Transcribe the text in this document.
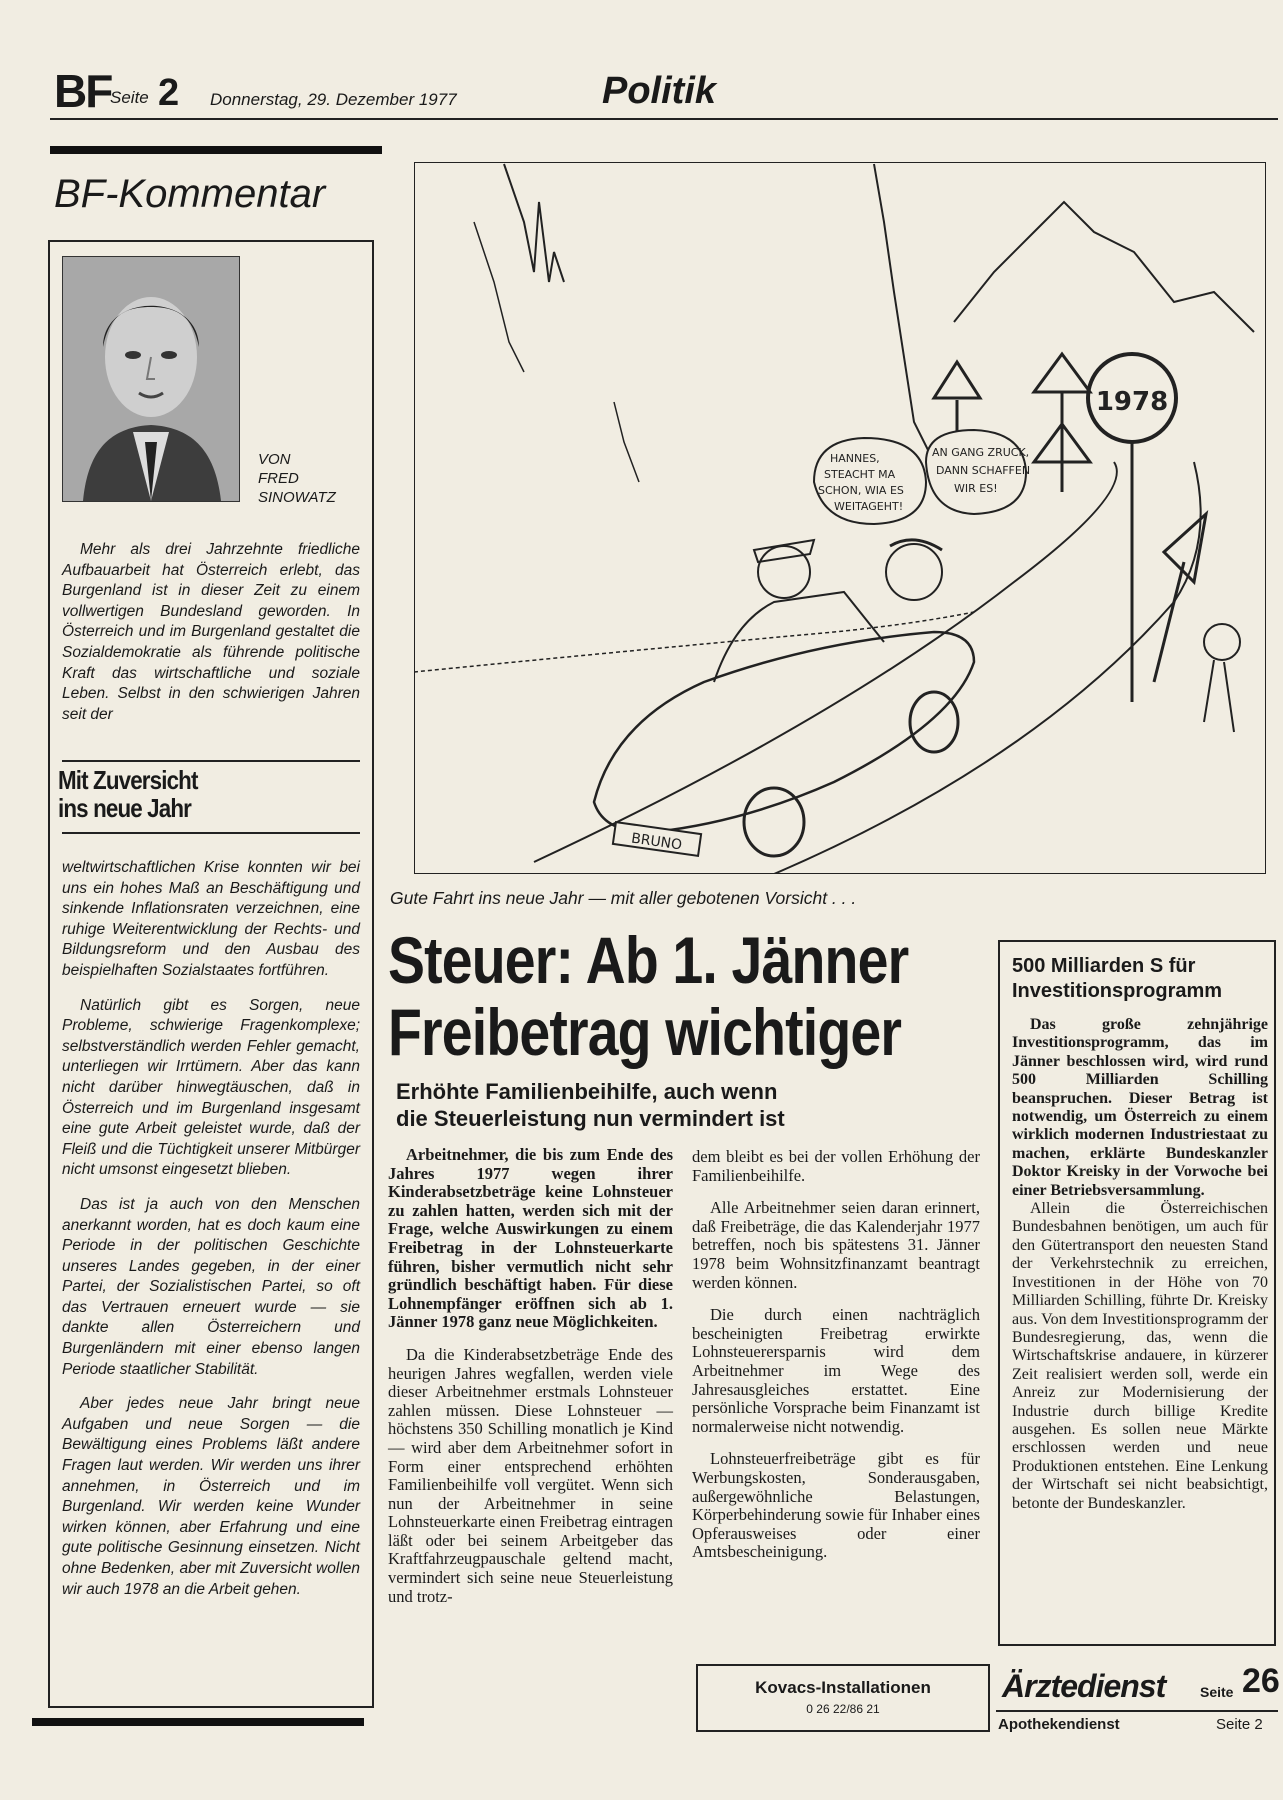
BF
Seite 2 Donnerstag, 29. Dezember 1977	Politik
BF-Kommentar
VON
FRED
SINOWATZ

Mehr als drei Jahrzehnte friedliche Aufbauarbeit hat Österreich erlebt, das Burgenland ist in dieser Zeit zu einem vollwertigen Bundesland geworden. In Österreich und im Burgenland gestaltet die Sozialdemokratie als führende politische Kraft das wirtschaftliche und soziale Leben. Selbst in den schwierigen Jahren seit der

Mit Zuversicht
ins neue Jahr

weltwirtschaftlichen Krise konnten wir bei uns ein hohes Maß an Beschäftigung und sinkende Inflationsraten verzeichnen, eine ruhige Weiterentwicklung der Rechts- und Bildungsreform und den Ausbau des beispielhaften Sozialstaates fortführen.

Natürlich gibt es Sorgen, neue Probleme, schwierige Fragenkomplexe; selbstverständlich werden Fehler gemacht, unterliegen wir Irrtümern. Aber das kann nicht darüber hinwegtäuschen, daß in Österreich und im Burgenland insgesamt eine gute Arbeit geleistet wurde, daß der Fleiß und die Tüchtigkeit unserer Mitbürger nicht umsonst eingesetzt blieben.

Das ist ja auch von den Menschen anerkannt worden, hat es doch kaum eine Periode in der politischen Geschichte unseres Landes gegeben, in der einer Partei, der Sozialistischen Partei, so oft das Vertrauen erneuert wurde — sie dankte allen Österreichern und Burgenländern mit einer ebenso langen Periode staatlicher Stabilität.

Aber jedes neue Jahr bringt neue Aufgaben und neue Sorgen — die Bewältigung eines Problems läßt andere Fragen laut werden. Wir werden uns ihrer annehmen, in Österreich und im Burgenland. Wir werden keine Wunder wirken können, aber Erfahrung und eine gute politische Gesinnung einsetzen. Nicht ohne Bedenken, aber mit Zuversicht wollen wir auch 1978 an die Arbeit gehen.

1978
HANNES, STEACHT MA SCHON, WIA ES WEITAGEHT!
AN GANG ZRUCK, DANN SCHAFFEN WIR ES!
BRUNO
Gute Fahrt ins neue Jahr — mit aller gebotenen Vorsicht . . .
Steuer: Ab 1. Jänner
Freibetrag wichtiger
Erhöhte Familienbeihilfe, auch wenn
die Steuerleistung nun vermindert ist

Arbeitnehmer, die bis zum Ende des Jahres 1977 wegen ihrer Kinderabsetzbeträge keine Lohnsteuer zu zahlen hatten, werden sich mit der Frage, welche Auswirkungen zu einem Freibetrag in der Lohnsteuerkarte führen, bisher vermutlich nicht sehr gründlich beschäftigt haben. Für diese Lohnempfänger eröffnen sich ab 1. Jänner 1978 ganz neue Möglichkeiten.

Da die Kinderabsetzbeträge Ende des heurigen Jahres wegfallen, werden viele dieser Arbeitnehmer erstmals Lohnsteuer zahlen müssen. Diese Lohnsteuer — höchstens 350 Schilling monatlich je Kind — wird aber dem Arbeitnehmer sofort in Form einer entsprechend erhöhten Familienbeihilfe voll vergütet. Wenn sich nun der Arbeitnehmer in seine Lohnsteuerkarte einen Freibetrag eintragen läßt oder bei seinem Arbeitgeber das Kraftfahrzeugpauschale geltend macht, vermindert sich seine neue Steuerleistung und trotz-

dem bleibt es bei der vollen Erhöhung der Familienbeihilfe.

Alle Arbeitnehmer seien daran erinnert, daß Freibeträge, die das Kalenderjahr 1977 betreffen, noch bis spätestens 31. Jänner 1978 beim Wohnsitzfinanzamt beantragt werden können.

Die durch einen nachträglich bescheinigten Freibetrag erwirkte Lohnsteuerersparnis wird dem Arbeitnehmer im Wege des Jahresausgleiches erstattet. Eine persönliche Vorsprache beim Finanzamt ist normalerweise nicht notwendig.

Lohnsteuerfreibeträge gibt es für Werbungskosten, Sonderausgaben, außergewöhnliche Belastungen, Körperbehinderung sowie für Inhaber eines Opferausweises oder einer Amtsbescheinigung.

Kovacs-Installationen
0 26 22/86 21
500 Milliarden S für Investitionsprogramm

Das große zehnjährige Investitionsprogramm, das im Jänner beschlossen wird, wird rund 500 Milliarden Schilling beanspruchen. Dieser Betrag ist notwendig, um Österreich zu einem wirklich modernen Industriestaat zu machen, erklärte Bundeskanzler Doktor Kreisky in der Vorwoche bei einer Betriebsversammlung.

Allein die Österreichischen Bundesbahnen benötigen, um auch für den Gütertransport den neuesten Stand der Verkehrstechnik zu erreichen, Investitionen in der Höhe von 70 Milliarden Schilling, führte Dr. Kreisky aus. Von dem Investitionsprogramm der Bundesregierung, das, wenn die Wirtschaftskrise andauere, in kürzerer Zeit realisiert werden soll, werde ein Anreiz zur Modernisierung der Industrie durch billige Kredite ausgehen. Es sollen neue Märkte erschlossen werden und neue Produktionen entstehen. Eine Lenkung der Wirtschaft sei nicht beabsichtigt, betonte der Bundeskanzler.

Ärztedienst Seite 26
Apothekendienst	Seite 2
